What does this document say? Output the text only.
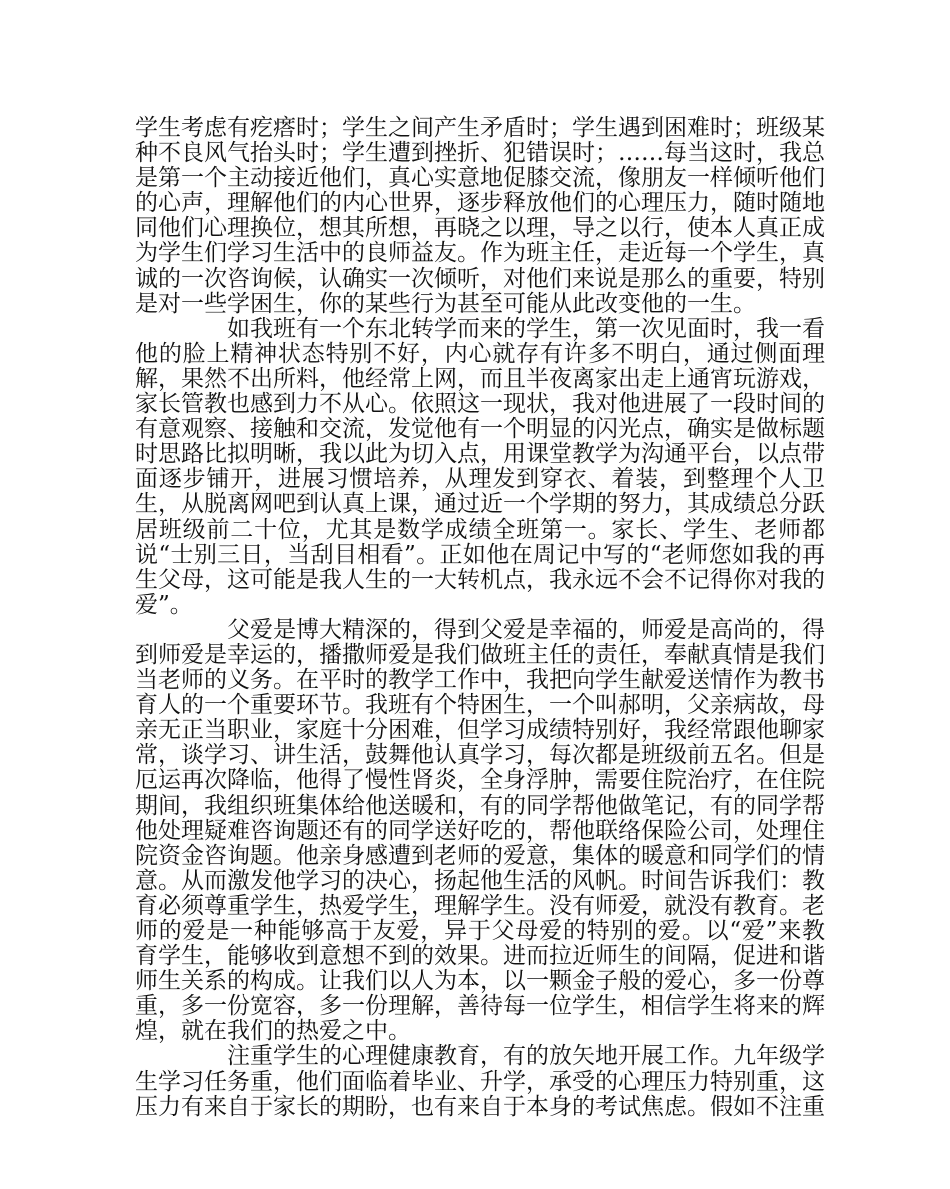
学生考虑有疙瘩时；学生之间产生矛盾时；学生遇到困难时；班级某种不良风气抬头时；学生遭到挫折、犯错误时；……每当这时，我总是第一个主动接近他们，真心实意地促膝交流，像朋友一样倾听他们的心声，理解他们的内心世界，逐步释放他们的心理压力，随时随地同他们心理换位，想其所想，再晓之以理，导之以行，使本人真正成为学生们学习生活中的良师益友。作为班主任，走近每一个学生，真诚的一次咨询候，认确实一次倾听，对他们来说是那么的重要，特别是对一些学困生，你的某些行为甚至可能从此改变他的一生。

如我班有一个东北转学而来的学生，第一次见面时，我一看他的脸上精神状态特别不好，内心就存有许多不明白，通过侧面理解，果然不出所料，他经常上网，而且半夜离家出走上通宵玩游戏，家长管教也感到力不从心。依照这一现状，我对他进展了一段时间的有意观察、接触和交流，发觉他有一个明显的闪光点，确实是做标题时思路比拟明晰，我以此为切入点，用课堂教学为沟通平台，以点带面逐步铺开，进展习惯培养，从理发到穿衣、着装，到整理个人卫生，从脱离网吧到认真上课，通过近一个学期的努力，其成绩总分跃居班级前二十位，尤其是数学成绩全班第一。家长、学生、老师都说“士别三日，当刮目相看”。正如他在周记中写的“老师您如我的再生父母，这可能是我人生的一大转机点，我永远不会不记得你对我的爱”。

父爱是博大精深的，得到父爱是幸福的，师爱是高尚的，得到师爱是幸运的，播撒师爱是我们做班主任的责任，奉献真情是我们当老师的义务。在平时的教学工作中，我把向学生献爱送情作为教书育人的一个重要环节。我班有个特困生，一个叫郝明，父亲病故，母亲无正当职业，家庭十分困难，但学习成绩特别好，我经常跟他聊家常，谈学习、讲生活，鼓舞他认真学习，每次都是班级前五名。但是厄运再次降临，他得了慢性肾炎，全身浮肿，需要住院治疗，在住院期间，我组织班集体给他送暖和，有的同学帮他做笔记，有的同学帮他处理疑难咨询题还有的同学送好吃的，帮他联络保险公司，处理住院资金咨询题。他亲身感遭到老师的爱意，集体的暖意和同学们的情意。从而激发他学习的决心，扬起他生活的风帆。时间告诉我们：教育必须尊重学生，热爱学生，理解学生。没有师爱，就没有教育。老师的爱是一种能够高于友爱，异于父母爱的特别的爱。以“爱”来教育学生，能够收到意想不到的效果。进而拉近师生的间隔，促进和谐师生关系的构成。让我们以人为本，以一颗金子般的爱心，多一份尊重，多一份宽容，多一份理解，善待每一位学生，相信学生将来的辉煌，就在我们的热爱之中。

注重学生的心理健康教育，有的放矢地开展工作。九年级学生学习任务重，他们面临着毕业、升学，承受的心理压力特别重，这压力有来自于家长的期盼，也有来自于本身的考试焦虑。假如不注重
